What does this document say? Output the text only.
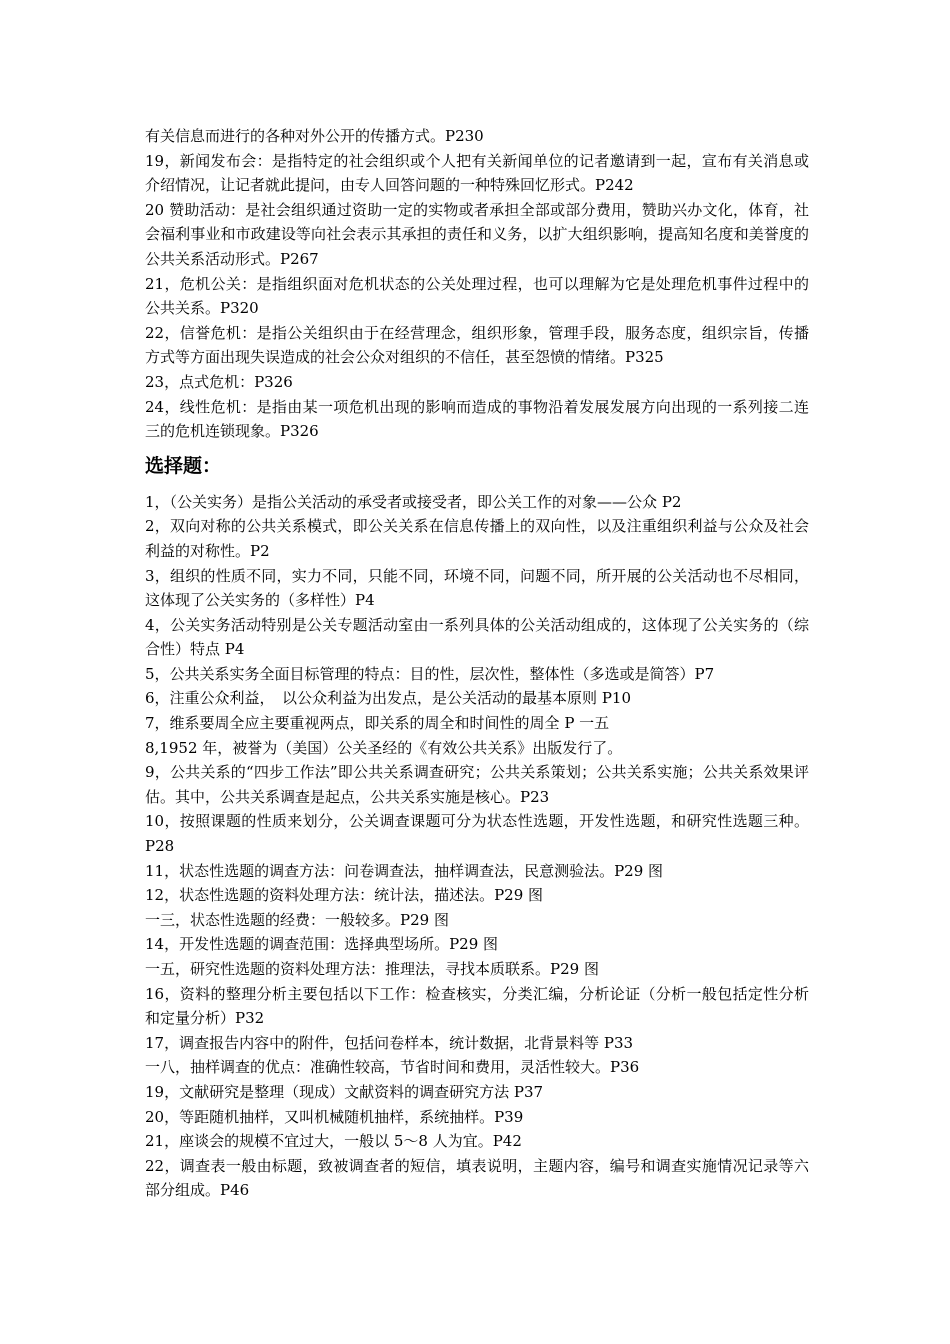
有关信息而进行的各种对外公开的传播方式。P230

19，新闻发布会：是指特定的社会组织或个人把有关新闻单位的记者邀请到一起，宣布有关消息或介绍情况，让记者就此提问，由专人回答问题的一种特殊回忆形式。P242

20 赞助活动：是社会组织通过资助一定的实物或者承担全部或部分费用，赞助兴办文化，体育，社会福利事业和市政建设等向社会表示其承担的责任和义务，以扩大组织影响，提高知名度和美誉度的公共关系活动形式。P267

21，危机公关：是指组织面对危机状态的公关处理过程，也可以理解为它是处理危机事件过程中的公共关系。P320

22，信誉危机：是指公关组织由于在经营理念，组织形象，管理手段，服务态度，组织宗旨，传播方式等方面出现失误造成的社会公众对组织的不信任，甚至怨愤的情绪。P325

23，点式危机：P326

24，线性危机：是指由某一项危机出现的影响而造成的事物沿着发展发展方向出现的一系列接二连三的危机连锁现象。P326

选择题：

1，（公关实务）是指公关活动的承受者或接受者，即公关工作的对象——公众 P2

2，双向对称的公共关系模式，即公关关系在信息传播上的双向性，以及注重组织利益与公众及社会利益的对称性。P2

3，组织的性质不同，实力不同，只能不同，环境不同，问题不同，所开展的公关活动也不尽相同，这体现了公关实务的（多样性）P4

4，公关实务活动特别是公关专题活动室由一系列具体的公关活动组成的，这体现了公关实务的（综合性）特点 P4

5，公共关系实务全面目标管理的特点：目的性，层次性，整体性（多选或是简答）P7

6，注重公众利益，　以公众利益为出发点，是公关活动的最基本原则 P10

7，维系要周全应主要重视两点，即关系的周全和时间性的周全 P 一五

8,1952 年，被誉为（美国）公关圣经的《有效公共关系》出版发行了。

9，公共关系的“四步工作法”即公共关系调查研究；公共关系策划；公共关系实施；公共关系效果评估。其中，公共关系调查是起点，公共关系实施是核心。P23

10，按照课题的性质来划分，公关调查课题可分为状态性选题，开发性选题，和研究性选题三种。P28

11，状态性选题的调查方法：问卷调查法，抽样调查法，民意测验法。P29 图

12，状态性选题的资料处理方法：统计法，描述法。P29 图

一三，状态性选题的经费：一般较多。P29 图

14，开发性选题的调查范围：选择典型场所。P29 图

一五，研究性选题的资料处理方法：推理法，寻找本质联系。P29 图

16，资料的整理分析主要包括以下工作：检查核实，分类汇编，分析论证（分析一般包括定性分析和定量分析）P32

17，调查报告内容中的附件，包括问卷样本，统计数据，北背景料等 P33

一八，抽样调查的优点：准确性较高，节省时间和费用，灵活性较大。P36

19，文献研究是整理（现成）文献资料的调查研究方法 P37

20，等距随机抽样，又叫机械随机抽样，系统抽样。P39

21，座谈会的规模不宜过大，一般以 5～8 人为宜。P42

22，调查表一般由标题，致被调查者的短信，填表说明，主题内容，编号和调查实施情况记录等六部分组成。P46
